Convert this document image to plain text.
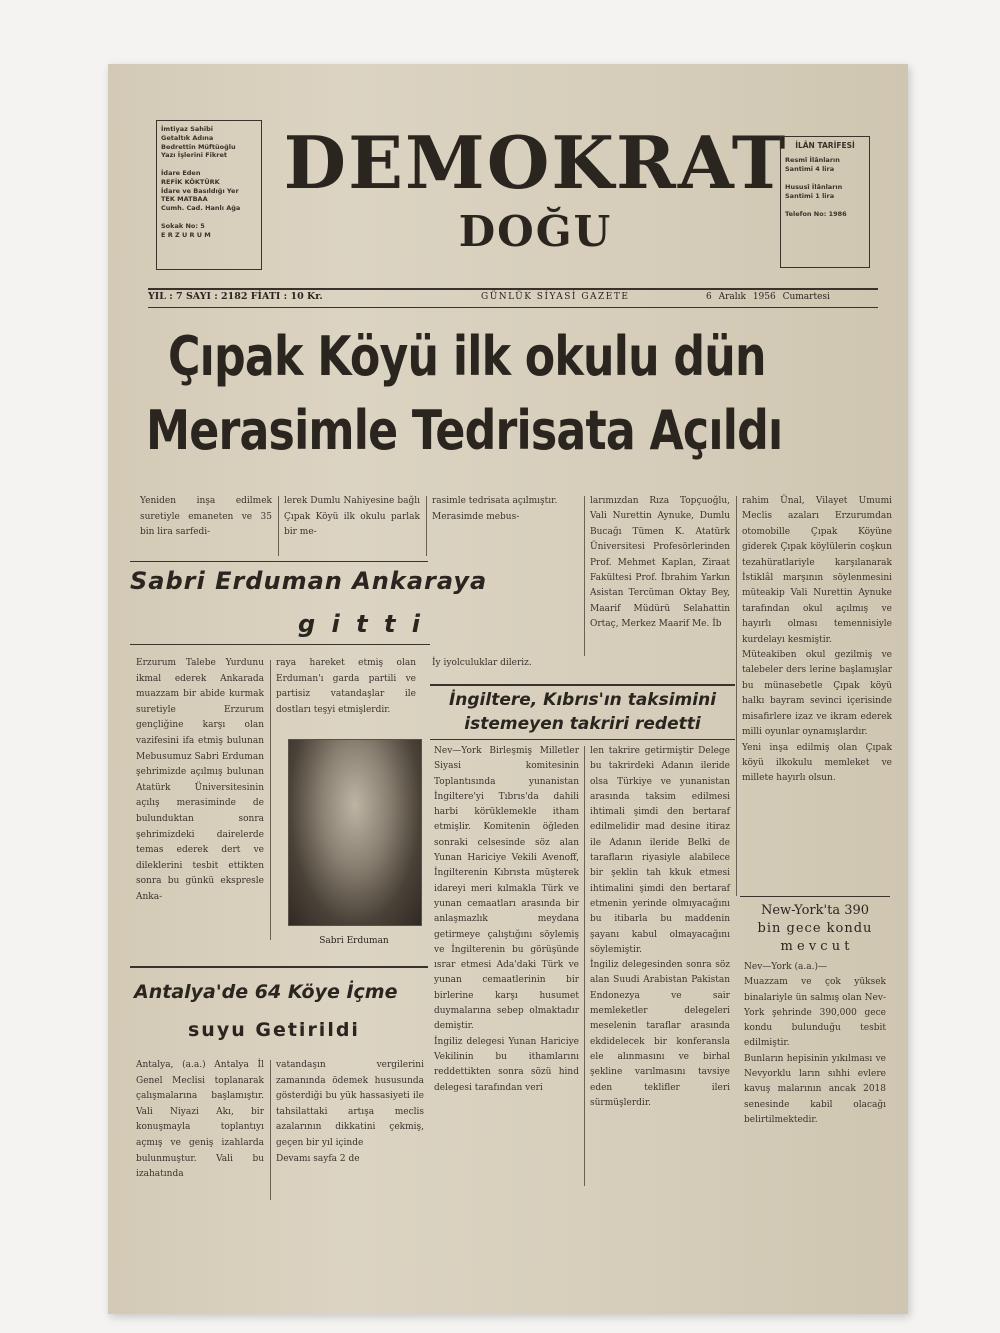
İmtiyaz Sahibi
Getaltık Adına
Bedrettin Müftüoğlu
Yazı İşlerini Fikret

İdare Eden
REFİK KÖKTÜRK
İdare ve Basıldığı Yer
TEK MATBAA
Cumh. Cad. Hanlı Ağa

Sokak No: 5
E R Z U R U M
DEMOKRAT
DOĞU
İLÂN TARİFESİ
Resmî İlânların
Santimi 4 lira

Hususî İlânların
Santimi 1 lira

Telefon No: 1986
YIL : 7 SAYI : 2182 FİATI : 10 Kr.	GÜNLÜK SİYASİ GAZETE	6 Aralık 1956 Cumartesi
Çıpak Köyü ilk okulu dün
Merasimle Tedrisata Açıldı

Yeniden inşa edilmek suretiyle emaneten ve 35 bin lira sarfedi-

lerek Dumlu Nahiyesine bağlı Çıpak Köyü ilk okulu parlak bir me-

rasimle tedrisata açılmıştır.
Merasimde mebus-

larımızdan Rıza Topçuoğlu, Vali Nurettin Aynuke, Dumlu Bucağı Tümen K. Atatürk Üniversitesi Profesörlerinden Prof. Mehmet Kaplan, Ziraat Fakültesi Prof. İbrahim Yarkın Asistan Tercüman Oktay Bey, Maarif Müdürü Selahattin Ortaç, Merkez Maarif Me. İb

rahim Ünal, Vilayet Umumi Meclis azaları Erzurumdan otomobille Çıpak Köyüne giderek Çıpak köylülerin coşkun tezahüratlariyle karşılanarak İstiklâl marşının söylenmesini müteakip Vali Nurettin Aynuke tarafından okul açılmış ve hayırlı olması temennisiyle kurdelayı kesmiştir.
Müteakiben okul gezilmiş ve talebeler ders lerine başlamışlar bu münasebetle Çıpak köyü halkı bayram sevinci içerisinde misafirlere izaz ve ikram ederek milli oyunlar oynamışlardır.
Yeni inşa edilmiş olan Çıpak köyü ilkokulu memleket ve millete hayırlı olsun.

Sabri Erduman Ankaraya
g i t t i

Erzurum Talebe Yurdunu ikmal ederek Ankarada muazzam bir abide kurmak suretiyle Erzurum gençliğine karşı olan vazifesini ifa etmiş bulunan Mebusumuz Sabri Erduman şehrimizde açılmış bulunan Atatürk Üniversitesinin açılış merasiminde de bulunduktan sonra şehrimizdeki dairelerde temas ederek dert ve dileklerini tesbit ettikten sonra bu günkü ekspresle Anka-

raya hareket etmiş olan Erduman'ı garda partili ve partisiz vatandaşlar ile dostları teşyi etmişlerdir.

İy iyolculuklar dileriz.

Sabri Erduman
İngiltere, Kıbrıs'ın taksimini
istemeyen takriri redetti

Nev—York Birleşmiş Milletler Siyasi komitesinin Toplantısında yunanistan İngiltere'yi Tıbrıs'da dahili harbi körüklemekle itham etmişlir. Komitenin öğleden sonraki celsesinde söz alan Yunan Hariciye Vekili Avenoff, İngilterenin Kıbrısta müşterek idareyi meri kılmakla Türk ve yunan cemaatları arasında bir anlaşmazlık meydana getirmeye çalıştığını söylemiş ve İngilterenin bu görüşünde ısrar etmesi Ada'daki Türk ve yunan cemaatlerinin bir birlerine karşı husumet duymalarına sebep olmaktadır demiştir.
İngiliz delegesi Yunan Hariciye Vekilinin bu ithamlarını reddettikten sonra sözü hind delegesi tarafından veri

len takrire getirmiştir Delege bu takrirdeki Adanın ileride olsa Türkiye ve yunanistan arasında taksim edilmesi ihtimali şimdi den bertaraf edilmelidir mad desine itiraz ile Adanın ileride Belki de tarafların riyasiyle alabilece bir şeklin tah kkuk etmesi ihtimalini şimdi den bertaraf etmenin yerinde olmıyacağını bu itibarla bu maddenin şayanı kabul olmayacağını söylemiştir.
İngiliz delegesinden sonra söz alan Suudi Arabistan Pakistan Endonezya ve sair memleketler delegeleri meselenin taraflar arasında ekdidelecek bir konferansla ele alınmasını ve birhal şekline varılmasını tavsiye eden teklifler ileri sürmüşlerdir.

Antalya'de 64 Köye İçme
suyu Getirildi

Antalya, (a.a.) Antalya İl Genel Meclisi toplanarak çalışmalarına başlamıştır. Vali Niyazi Akı, bir konuşmayla toplantıyı açmış ve geniş izahlarda bulunmuştur. Vali bu izahatında

vatandaşın vergilerini zamanında ödemek hususunda gösterdiği bu yük hassasiyeti ile tahsilattaki artışa meclis azalarının dikkatini çekmiş, geçen bir yıl içinde
Devamı sayfa 2 de

New-York'ta 390
bin gece kondu
m e v c u t

Nev—York (a.a.)—
Muazzam ve çok yüksek binalariyle ün salmış olan Nev-York şehrinde 390,000 gece kondu bulunduğu tesbit edilmiştir.
Bunların hepisinin yıkılması ve Nevyorklu ların sıhhi evlere kavuş malarının ancak 2018 senesinde kabil olacağı belirtilmektedir.
